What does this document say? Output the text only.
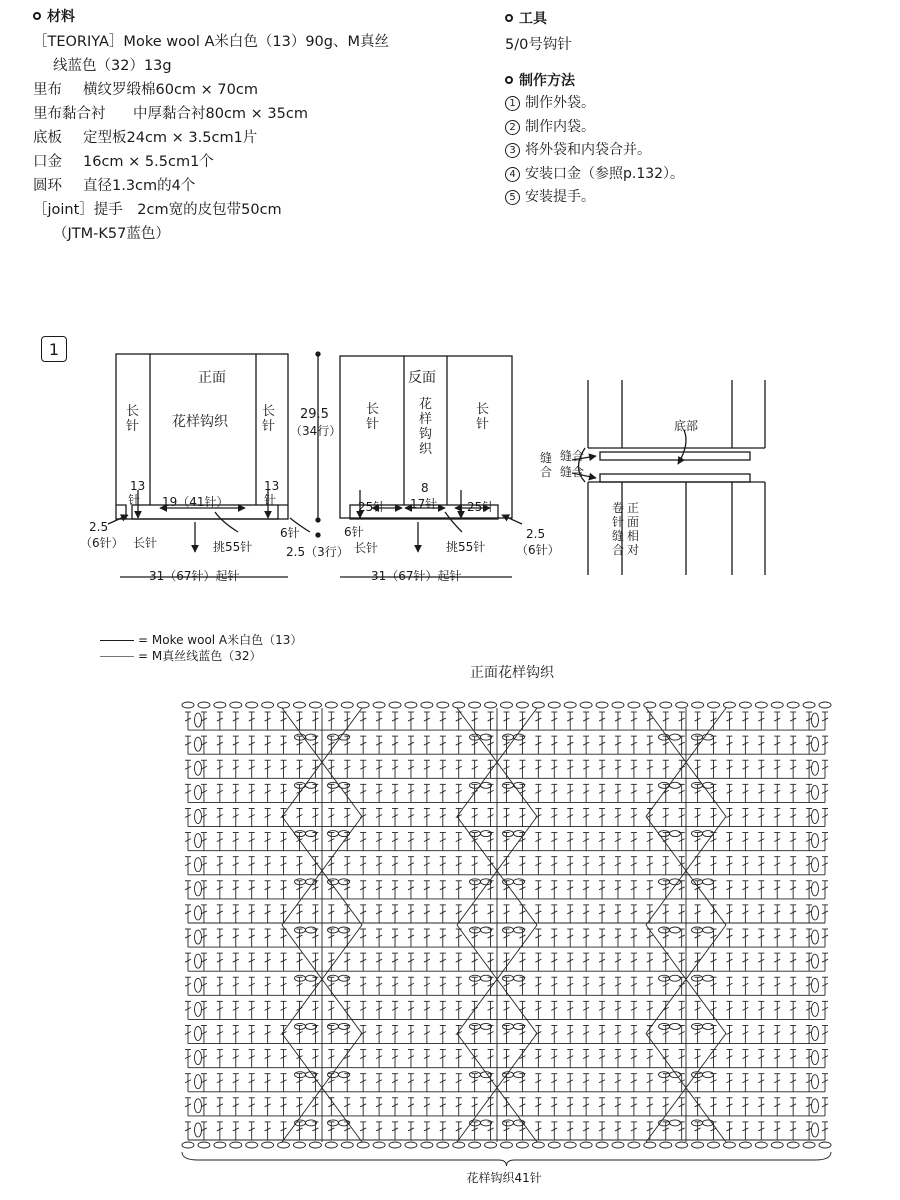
材料
［TEORIYA］Moke wool A米白色（13）90g、M真丝
线蓝色（32）13g
里布 横纹罗缎棉60cm × 70cm
里布黏合衬 中厚黏合衬80cm × 35cm
底板 定型板24cm × 3.5cm1片
口金 16cm × 5.5cm1个
圆环 直径1.3cm的4个
［joint］提手　2cm宽的皮包带50cm
（JTM-K57蓝色）
工具
5/0号钩针
制作方法
1 制作外袋。
2 制作内袋。
3 将外袋和内袋合并。
4 安装口金（参照p.132）。
5 安装提手。
1
正面
长针
长针
花样钩织
13
针
13
针
19（41针）
2.5
（6针） 长针	挑55针
6针
31（67针）起针
29.5
（34行）
2.5（3行）
反面
长针
长针
花样钩织
25针	25针
8
17针
6针
长针	挑55针
2.5
（6针）
31（67针）起针
底部
缝合
缝合
缝合
卷针缝合
正面相对
= Moke wool A米白色（13）
= M真丝线蓝色（32）
正面花样钩织
花样钩织41针
